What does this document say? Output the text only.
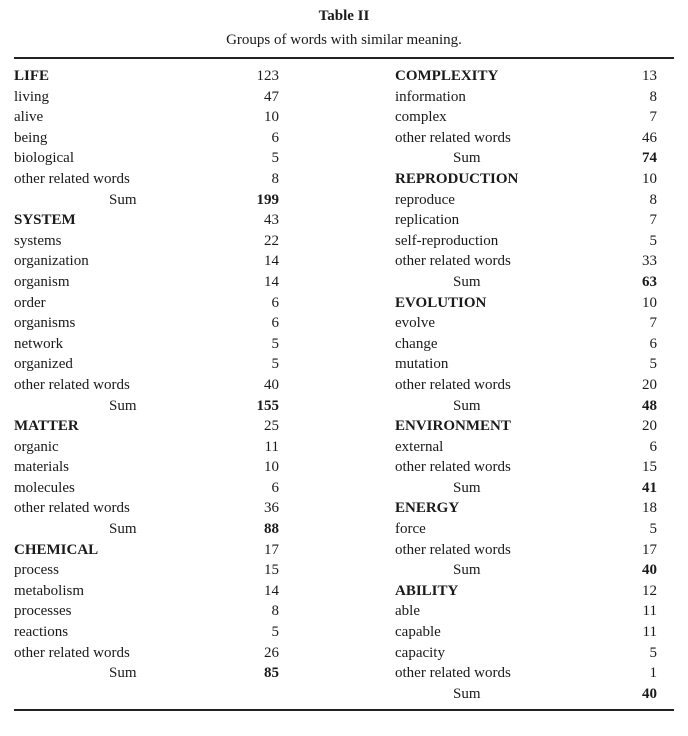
Table II
Groups of words with similar meaning.
LIFE	123
living	47
alive	10
being	6
biological	5
other related words	8
Sum	199
SYSTEM	43
systems	22
organization	14
organism	14
order	6
organisms	6
network	5
organized	5
other related words	40
Sum	155
MATTER	25
organic	11
materials	10
molecules	6
other related words	36
Sum	88
CHEMICAL	17
process	15
metabolism	14
processes	8
reactions	5
other related words	26
Sum	85
COMPLEXITY	13
information	8
complex	7
other related words	46
Sum	74
REPRODUCTION	10
reproduce	8
replication	7
self-reproduction	5
other related words	33
Sum	63
EVOLUTION	10
evolve	7
change	6
mutation	5
other related words	20
Sum	48
ENVIRONMENT	20
external	6
other related words	15
Sum	41
ENERGY	18
force	5
other related words	17
Sum	40
ABILITY	12
able	11
capable	11
capacity	5
other related words	1
Sum	40
